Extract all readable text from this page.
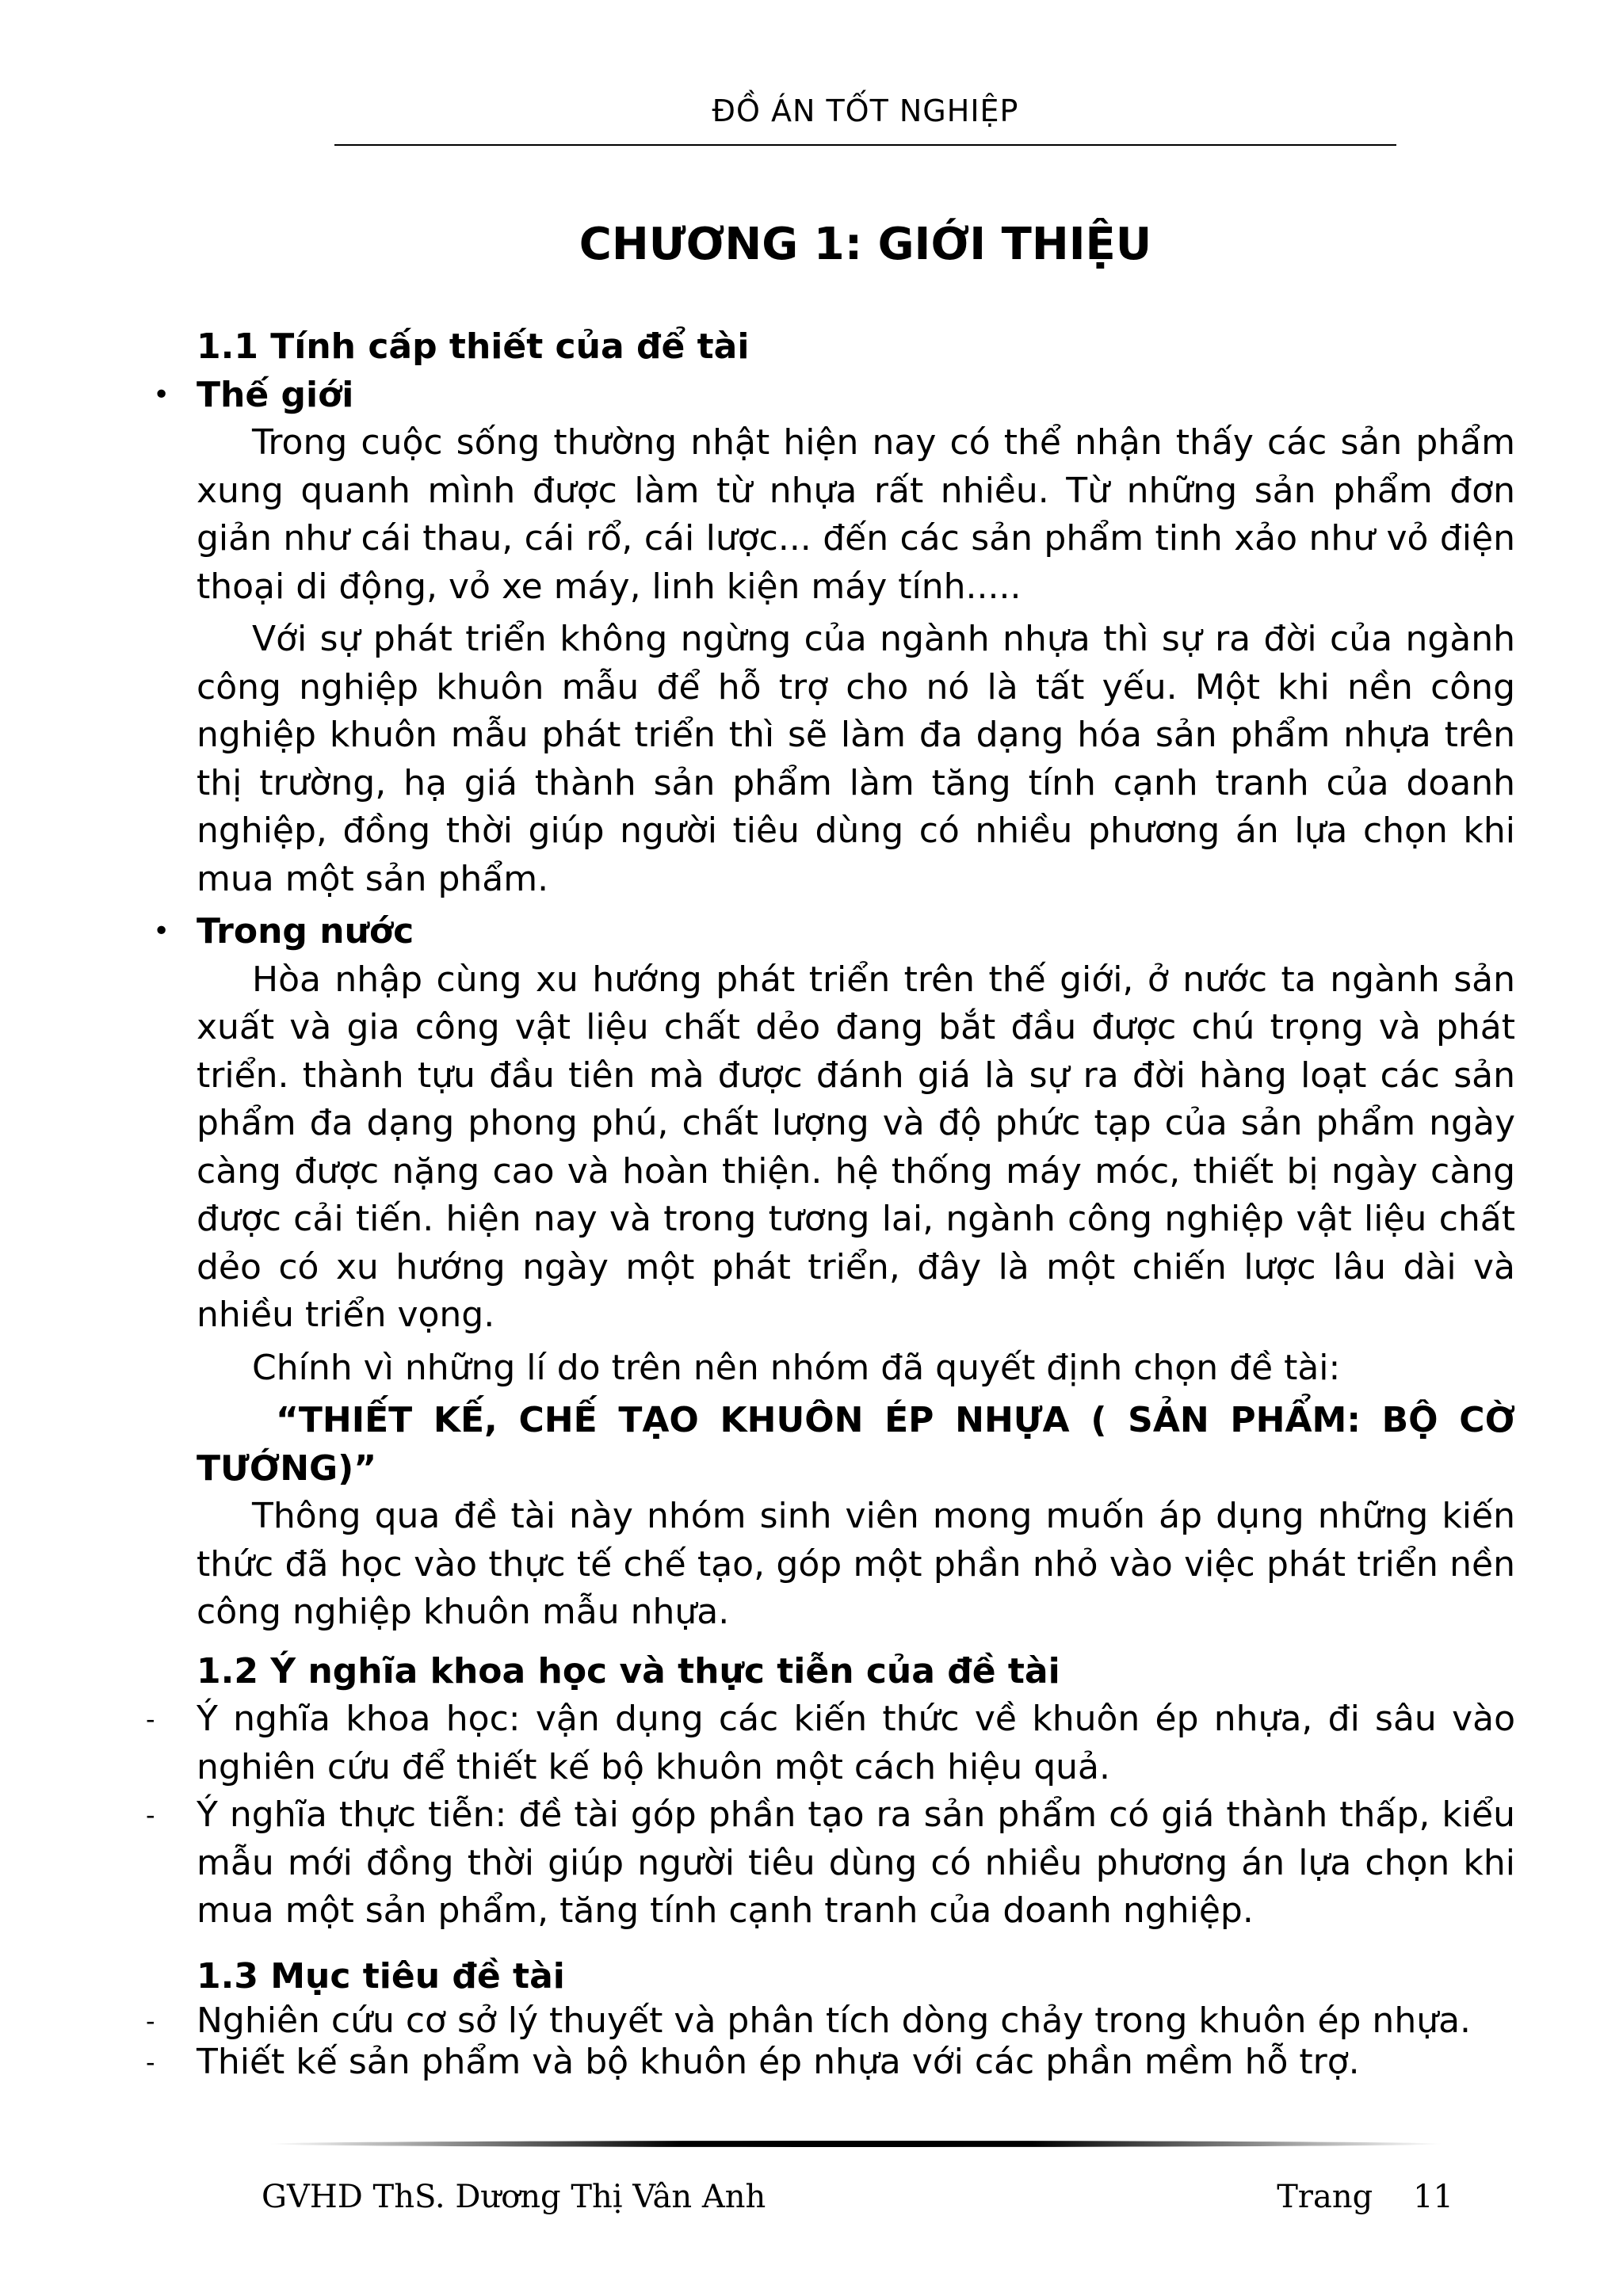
ĐỒ ÁN TỐT NGHIỆP
CHƯƠNG 1: GIỚI THIỆU

1.1 Tính cấp thiết của để tài

• Thế giới

Trong cuộc sống thường nhật hiện nay có thể nhận thấy các sản phẩm xung quanh mình được làm từ nhựa rất nhiều. Từ những sản phẩm đơn giản như cái thau, cái rổ, cái lược... đến các sản phẩm tinh xảo như vỏ điện thoại di động, vỏ xe máy, linh kiện máy tính.....

Với sự phát triển không ngừng của ngành nhựa thì sự ra đời của ngành công nghiệp khuôn mẫu để hỗ trợ cho nó là tất yếu. Một khi nền công nghiệp khuôn mẫu phát triển thì sẽ làm đa dạng hóa sản phẩm nhựa trên thị trường, hạ giá thành sản phẩm làm tăng tính cạnh tranh của doanh nghiệp, đồng thời giúp người tiêu dùng có nhiều phương án lựa chọn khi mua một sản phẩm.

• Trong nước

Hòa nhập cùng xu hướng phát triển trên thế giới, ở nước ta ngành sản xuất và gia công vật liệu chất dẻo đang bắt đầu được chú trọng và phát triển. thành tựu đầu tiên mà được đánh giá là sự ra đời hàng loạt các sản phẩm đa dạng phong phú, chất lượng và độ phức tạp của sản phẩm ngày càng được nặng cao và hoàn thiện. hệ thống máy móc, thiết bị ngày càng được cải tiến. hiện nay và trong tương lai, ngành công nghiệp vật liệu chất dẻo có xu hướng ngày một phát triển, đây là một chiến lược lâu dài và nhiều triển vọng.

Chính vì những lí do trên nên nhóm đã quyết định chọn đề tài:

“THIẾT KẾ, CHẾ TẠO KHUÔN ÉP NHỰA ( SẢN PHẨM: BỘ CỜ TƯỚNG)”

Thông qua đề tài này nhóm sinh viên mong muốn áp dụng những kiến thức đã học vào thực tế chế tạo, góp một phần nhỏ vào việc phát triển nền công nghiệp khuôn mẫu nhựa.

1.2 Ý nghĩa khoa học và thực tiễn của đề tài

- Ý nghĩa khoa học: vận dụng các kiến thức về khuôn ép nhựa, đi sâu vào nghiên cứu để thiết kế bộ khuôn một cách hiệu quả.
- Ý nghĩa thực tiễn: đề tài góp phần tạo ra sản phẩm có giá thành thấp, kiểu mẫu mới đồng thời giúp người tiêu dùng có nhiều phương án lựa chọn khi mua một sản phẩm, tăng tính cạnh tranh của doanh nghiệp.

1.3 Mục tiêu đề tài

- Nghiên cứu cơ sở lý thuyết và phân tích dòng chảy trong khuôn ép nhựa.
- Thiết kế sản phẩm và bộ khuôn ép nhựa với các phần mềm hỗ trợ.
GVHD ThS. Dương Thị Vân Anh	Trang 11
